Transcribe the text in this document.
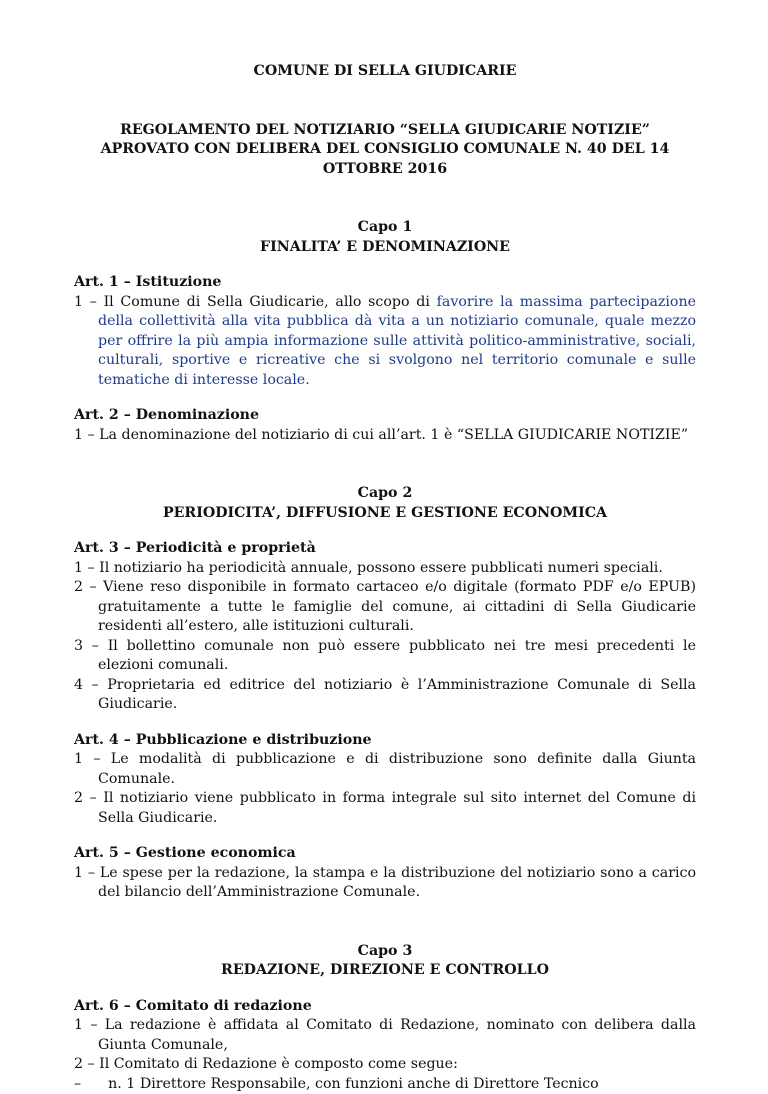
COMUNE DI SELLA GIUDICARIE
REGOLAMENTO DEL NOTIZIARIO “SELLA GIUDICARIE NOTIZIE”
APROVATO CON DELIBERA DEL CONSIGLIO COMUNALE N. 40 DEL 14 OTTOBRE 2016
Capo 1
FINALITA’ E DENOMINAZIONE
Art. 1 – Istituzione
1 – Il Comune di Sella Giudicarie, allo scopo di favorire la massima partecipazione della collettività alla vita pubblica dà vita a un notiziario comunale, quale mezzo per offrire la più ampia informazione sulle attività politico-amministrative, sociali, culturali, sportive e ricreative che si svolgono nel territorio comunale e sulle tematiche di interesse locale.
Art. 2 – Denominazione
1 – La denominazione del notiziario di cui all’art. 1 è “SELLA GIUDICARIE NOTIZIE”
Capo 2
PERIODICITA’, DIFFUSIONE E GESTIONE ECONOMICA
Art. 3 – Periodicità e proprietà
1 – Il notiziario ha periodicità annuale, possono essere pubblicati numeri speciali.
2 – Viene reso disponibile in formato cartaceo e/o digitale (formato PDF e/o EPUB) gratuitamente a tutte le famiglie del comune, ai cittadini di Sella Giudicarie residenti all’estero, alle istituzioni culturali.
3 – Il bollettino comunale non può essere pubblicato nei tre mesi precedenti le elezioni comunali.
4 – Proprietaria ed editrice del notiziario è l’Amministrazione Comunale di Sella Giudicarie.
Art. 4 – Pubblicazione e distribuzione
1 – Le modalità di pubblicazione e di distribuzione sono definite dalla Giunta Comunale.
2 – Il notiziario viene pubblicato in forma integrale sul sito internet del Comune di Sella Giudicarie.
Art. 5 – Gestione economica
1 – Le spese per la redazione, la stampa e la distribuzione del notiziario sono a carico del bilancio dell’Amministrazione Comunale.
Capo 3
REDAZIONE, DIREZIONE E CONTROLLO
Art. 6 – Comitato di redazione
1 – La redazione è affidata al Comitato di Redazione, nominato con delibera dalla Giunta Comunale,
2 – Il Comitato di Redazione è composto come segue:
–      n. 1 Direttore Responsabile, con funzioni anche di Direttore Tecnico
